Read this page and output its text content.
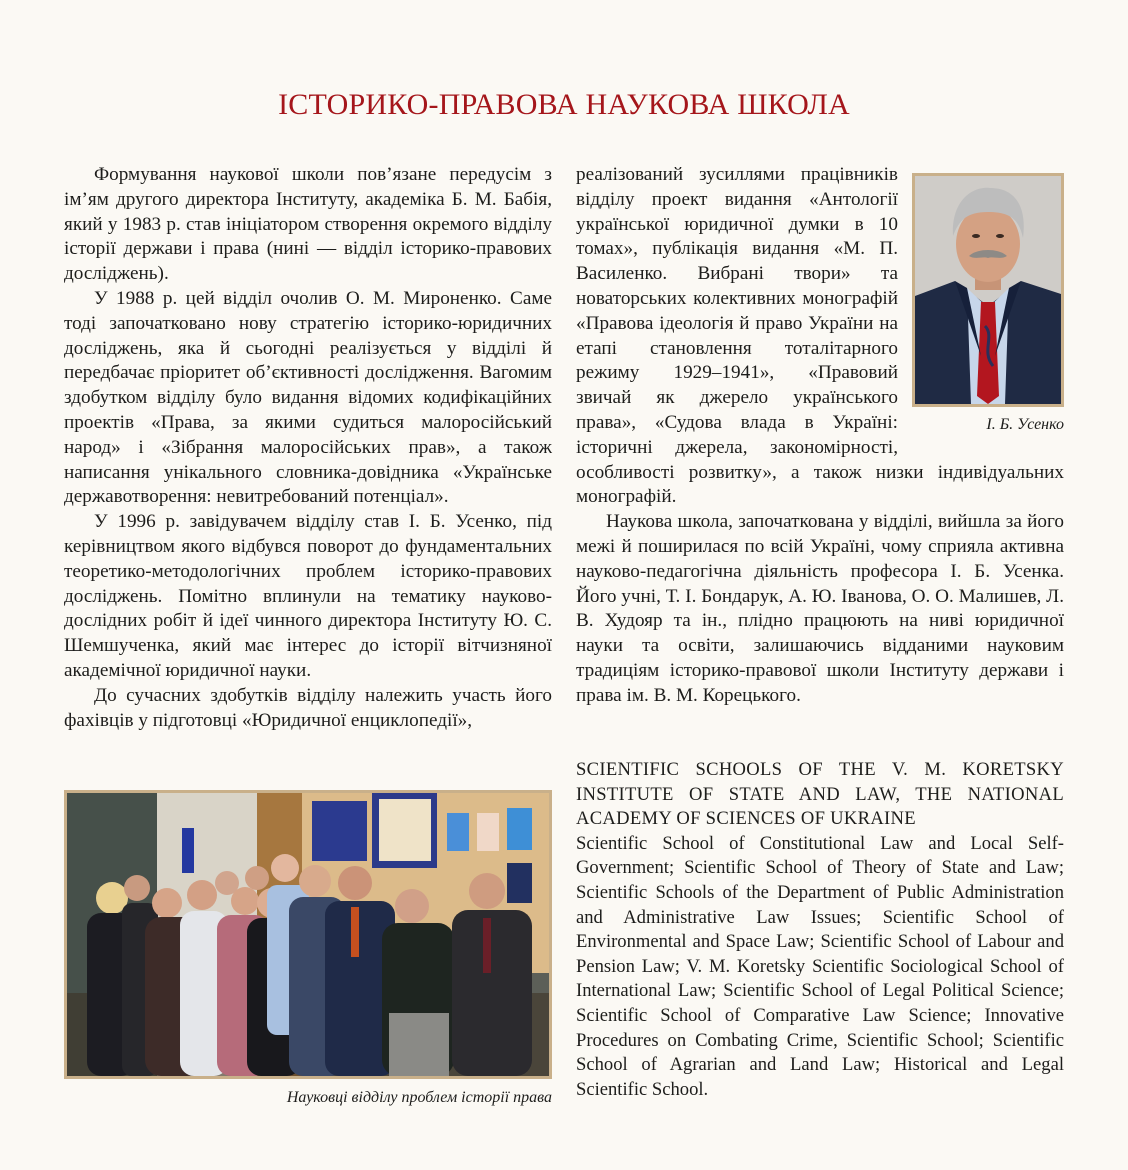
ІСТОРИКО-ПРАВОВА НАУКОВА ШКОЛА

Формування наукової школи пов’язане передусім з ім’ям другого директора Інституту, академіка Б. М. Бабія, який у 1983 р. став ініціатором створення окремого відділу історії держави і права (нині — відділ історико-правових досліджень).

У 1988 р. цей відділ очолив О. М. Мироненко. Саме тоді започатковано нову стратегію історико-юридичних досліджень, яка й сьогодні реалізується у відділі й передбачає пріоритет об’єктивності дослідження. Вагомим здобутком відділу було видання відомих кодифікаційних проектів «Права, за якими судиться малоросійський народ» і «Зібрання малоросійських прав», а також написання унікального словника-довідника «Українське державотворення: невитребований потенціал».

У 1996 р. завідувачем відділу став І. Б. Усенко, під керівництвом якого відбувся поворот до фундаментальних теоретико-методологічних проблем історико-правових досліджень. Помітно вплинули на тематику науково-дослідних робіт й ідеї чинного директора Інституту Ю. С. Шемшученка, який має інтерес до історії вітчизняної академічної юридичної науки.

До сучасних здобутків відділу належить участь його фахівців у підготовці «Юридичної енциклопедії»,

І. Б. Усенко

реалізований зусиллями працівників відділу проект видання «Антології української юридичної думки в 10 томах», публікація видання «М. П. Василенко. Вибрані твори» та новаторських колективних монографій «Правова ідеологія й право України на етапі становлення тоталітарного режиму 1929–1941», «Правовий звичай як джерело українського права», «Судова влада в Україні: історичні джерела, закономірності, особливості розвитку», а також низки індивідуальних монографій.

Наукова школа, започаткована у відділі, вийшла за його межі й поширилася по всій Україні, чому сприяла активна науково-педагогічна діяльність професора І. Б. Усенка. Його учні, Т. І. Бондарук, А. Ю. Іванова, О. О. Малишев, Л. В. Худояр та ін., плідно працюють на ниві юридичної науки та освіти, залишаючись відданими науковим традиціям історико-правової школи Інституту держави і права ім. В. М. Корецького.

Науковці відділу проблем історії права
SCIENTIFIC SCHOOLS OF THE V. M. KORETSKY INSTITUTE OF STATE AND LAW, THE NATIONAL ACADEMY OF SCIENCES OF UKRAINE

Scientific School of Constitutional Law and Local Self-Government; Scientific School of Theory of State and Law; Scientific Schools of the Department of Public Administration and Administrative Law Issues; Scientific School of Environmental and Space Law; Scientific School of Labour and Pension Law; V. M. Koretsky Scientific Sociological School of International Law; Scientific School of Legal Political Science; Scientific School of Comparative Law Science; Innovative Procedures on Combating Crime, Scientific School; Scientific School of Agrarian and Land Law; Historical and Legal Scientific School.
